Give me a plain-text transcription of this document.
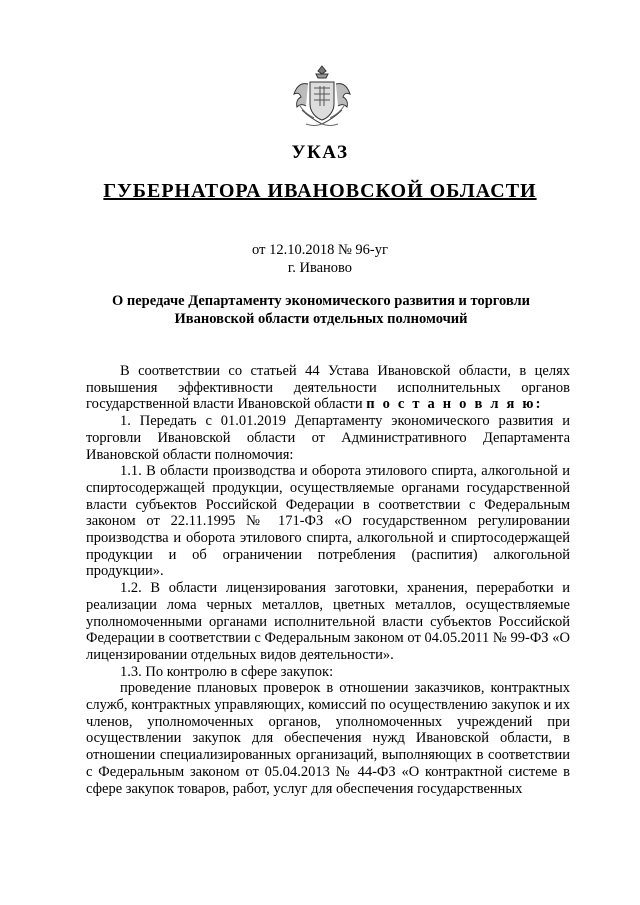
УКАЗ
ГУБЕРНАТОРА ИВАНОВСКОЙ ОБЛАСТИ
от 12.10.2018 № 96-уг
г. Иваново
О передаче Департаменту экономического развития и торговли Ивановской области отдельных полномочий

В соответствии со статьей 44 Устава Ивановской области, в целях повышения эффективности деятельности исполнительных органов государственной власти Ивановской области п о с т а н о в л я ю:

1. Передать с 01.01.2019 Департаменту экономического развития и торговли Ивановской области от Административного Департамента Ивановской области полномочия:

1.1. В области производства и оборота этилового спирта, алкогольной и спиртосодержащей продукции, осуществляемые органами государственной власти субъектов Российской Федерации в соответствии с Федеральным законом от 22.11.1995 № 171-ФЗ «О государственном регулировании производства и оборота этилового спирта, алкогольной и спиртосодержащей продукции и об ограничении потребления (распития) алкогольной продукции».

1.2. В области лицензирования заготовки, хранения, переработки и реализации лома черных металлов, цветных металлов, осуществляемые уполномоченными органами исполнительной власти субъектов Российской Федерации в соответствии с Федеральным законом от 04.05.2011 № 99-ФЗ «О лицензировании отдельных видов деятельности».

1.3. По контролю в сфере закупок:

проведение плановых проверок в отношении заказчиков, контрактных служб, контрактных управляющих, комиссий по осуществлению закупок и их членов, уполномоченных органов, уполномоченных учреждений при осуществлении закупок для обеспечения нужд Ивановской области, в отношении специализированных организаций, выполняющих в соответствии с Федеральным законом от 05.04.2013 № 44-ФЗ «О контрактной системе в сфере закупок товаров, работ, услуг для обеспечения государственных
